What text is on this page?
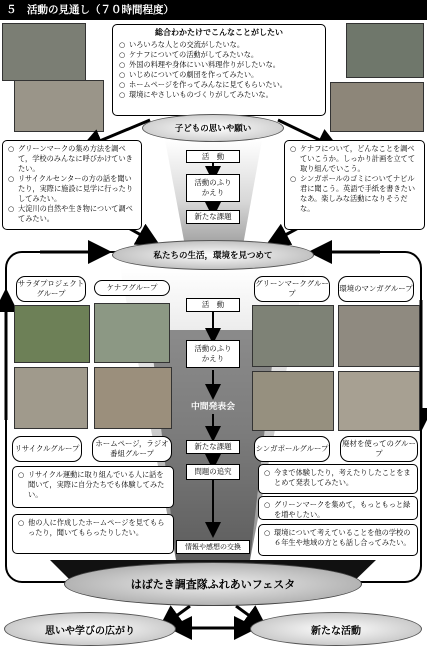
５　活動の見通し（７０時間程度）
総合わかたけでこんなことがしたい
○ いろいろな人との交流がしたいな。
○ ケナフについての活動がしてみたいな。
○ 外国の料理や身体にいい料理作りがしたいな。
○ いじめについての劇団を作ってみたい。
○ ホームページを作ってみんなに見てもらいたい。
○ 環境にやさしいものづくりがしてみたいな。
子どもの思いや願い
活　動
活動のふり
かえり
新たな課題
○ グリーンマークの集め方法を調べて，学校のみんなに呼びかけていきたい。
○ リサイクルセンターの方の話を聞いたり，実際に施設に見学に行ったりしてみたい。
○ 大淀川の自然や生き物について調べてみたい。
○ ケナフについて，どんなことを調べていこうか。しっかり計画を立てて取り組んでいこう。
○ シンガポールのゴミについてナビル君に聞こう。英語で手紙を書きたいなあ。楽しみな活動になりそうだな。
私たちの生活，環境を見つめて
サラダプロジェクトグループ
ケナフグループ	グリーンマークグループ
環境のマンガグループ
活　動
活動のふり
かえり
中間発表会
リサイクルグループ
ホームページ，ラジオ番組グループ
シンガポールグループ
廃材を使ってのグループ
新たな課題
問題の追究
情報や感想の交換
○ リサイクル運動に取り組んでいる人に話を聞いて，実際に自分たちでも体験してみたい。
○ 他の人に作成したホームページを見てもらったり，聞いてもらったりしたい。
○ 今まで体験したり，考えたりしたことをまとめて発表してみたい。
○ グリーンマークを集めて，もっともっと緑を増やしたい。
○ 環境について考えていることを他の学校の６年生や地域の方とも話し合ってみたい。
はばたき調査隊ふれあいフェスタ
思いや学びの広がり	新たな活動
